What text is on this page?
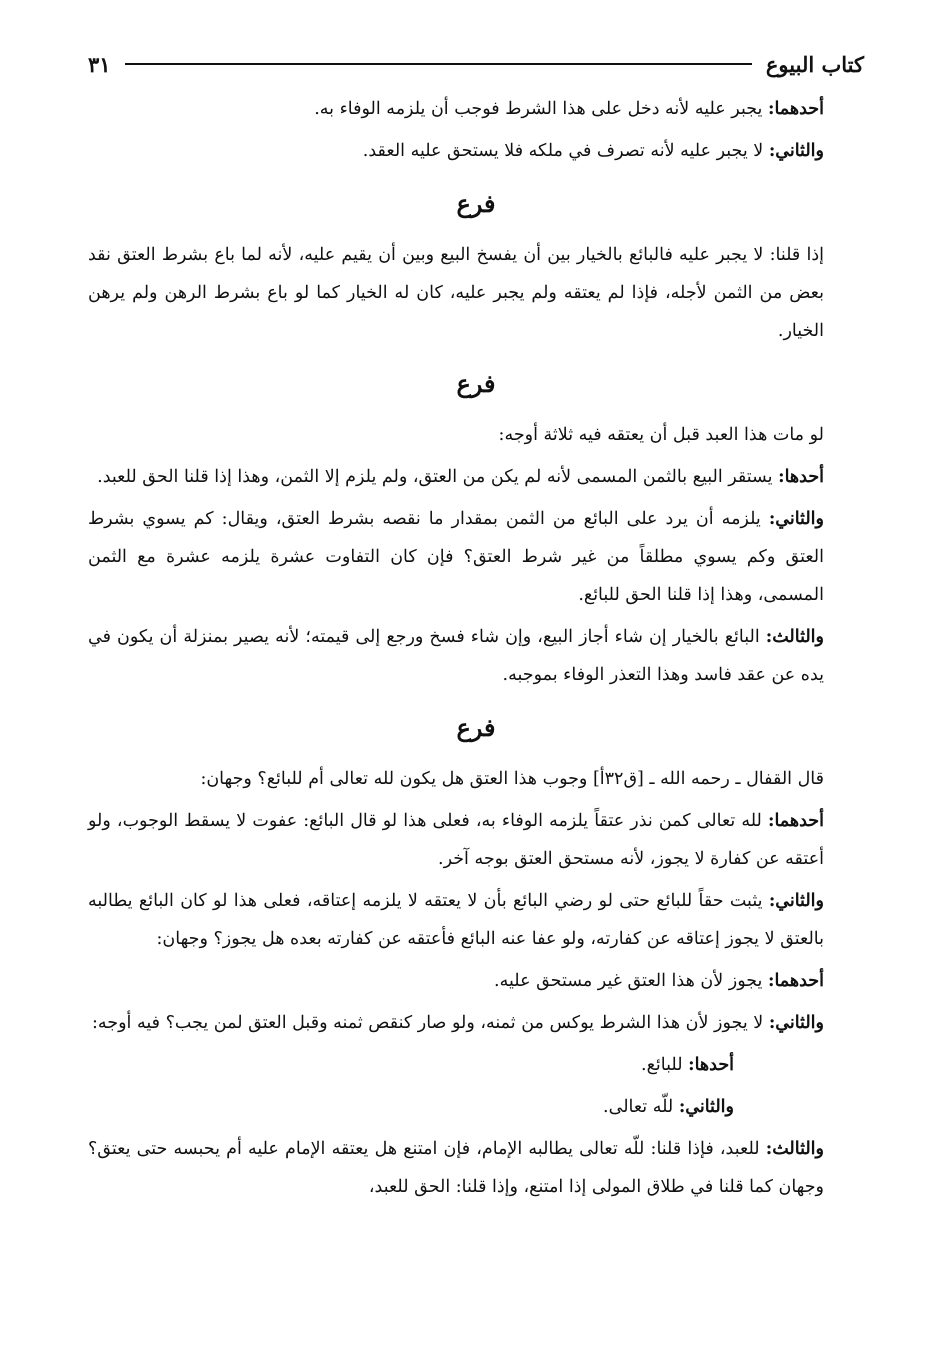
كتاب البيوع
٣١

أحدهما: يجبر عليه لأنه دخل على هذا الشرط فوجب أن يلزمه الوفاء به.

والثاني: لا يجبر عليه لأنه تصرف في ملكه فلا يستحق عليه العقد.

فرع

إذا قلنا: لا يجبر عليه فالبائع بالخيار بين أن يفسخ البيع وبين أن يقيم عليه، لأنه لما باع بشرط العتق نقد بعض من الثمن لأجله، فإذا لم يعتقه ولم يجبر عليه، كان له الخيار كما لو باع بشرط الرهن ولم يرهن الخيار.

فرع

لو مات هذا العبد قبل أن يعتقه فيه ثلاثة أوجه:

أحدها: يستقر البيع بالثمن المسمى لأنه لم يكن من العتق، ولم يلزم إلا الثمن، وهذا إذا قلنا الحق للعبد.

والثاني: يلزمه أن يرد على البائع من الثمن بمقدار ما نقصه بشرط العتق، ويقال: كم يسوي بشرط العتق وكم يسوي مطلقاً من غير شرط العتق؟ فإن كان التفاوت عشرة يلزمه عشرة مع الثمن المسمى، وهذا إذا قلنا الحق للبائع.

والثالث: البائع بالخيار إن شاء أجاز البيع، وإن شاء فسخ ورجع إلى قيمته؛ لأنه يصير بمنزلة أن يكون في يده عن عقد فاسد وهذا التعذر الوفاء بموجبه.

فرع

قال القفال ـ رحمه الله ـ [ق٣٢أ] وجوب هذا العتق هل يكون لله تعالى أم للبائع؟ وجهان:

أحدهما: لله تعالى كمن نذر عتقاً يلزمه الوفاء به، فعلى هذا لو قال البائع: عفوت لا يسقط الوجوب، ولو أعتقه عن كفارة لا يجوز، لأنه مستحق العتق بوجه آخر.

والثاني: يثبت حقاً للبائع حتى لو رضي البائع بأن لا يعتقه لا يلزمه إعتاقه، فعلى هذا لو كان البائع يطالبه بالعتق لا يجوز إعتاقه عن كفارته، ولو عفا عنه البائع فأعتقه عن كفارته بعده هل يجوز؟ وجهان:

أحدهما: يجوز لأن هذا العتق غير مستحق عليه.

والثاني: لا يجوز لأن هذا الشرط يوكس من ثمنه، ولو صار كنقص ثمنه وقبل العتق لمن يجب؟ فيه أوجه:

أحدها: للبائع.

والثاني: للّه تعالى.

والثالث: للعبد، فإذا قلنا: للّه تعالى يطالبه الإمام، فإن امتنع هل يعتقه الإمام عليه أم يحبسه حتى يعتق؟ وجهان كما قلنا في طلاق المولى إذا امتنع، وإذا قلنا: الحق للعبد،
